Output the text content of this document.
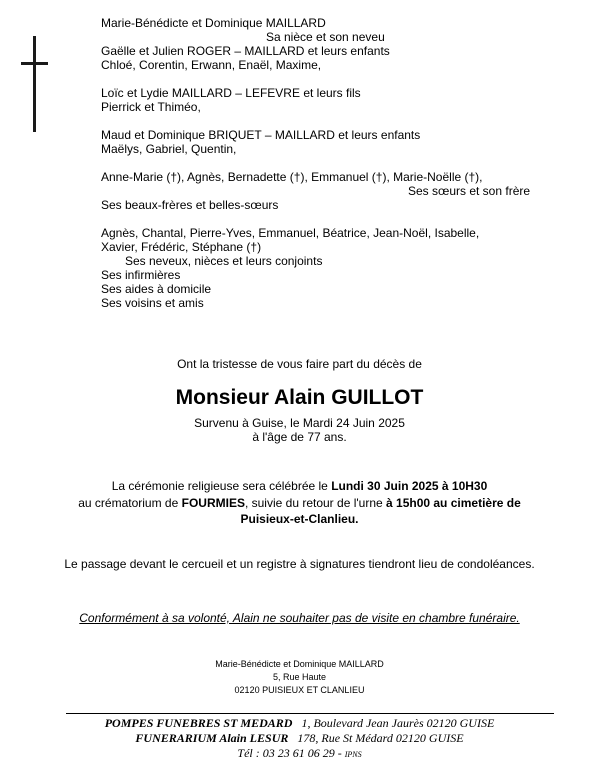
Marie-Bénédicte et Dominique MAILLARD
Sa nièce et son neveu
Gaëlle et Julien ROGER – MAILLARD et leurs enfants
Chloé, Corentin, Erwann, Enaël, Maxime,
Loïc et Lydie MAILLARD – LEFEVRE et leurs fils
Pierrick et Thiméo,
Maud et Dominique BRIQUET – MAILLARD et leurs enfants
Maëlys, Gabriel, Quentin,
Anne-Marie (†), Agnès, Bernadette (†), Emmanuel (†), Marie-Noëlle (†),
Ses sœurs et son frère
Ses beaux-frères et belles-sœurs
Agnès, Chantal, Pierre-Yves, Emmanuel, Béatrice, Jean-Noël, Isabelle,
Xavier, Frédéric, Stéphane (†)
Ses neveux, nièces et leurs conjoints
Ses infirmières
Ses aides à domicile
Ses voisins et amis
Ont la tristesse de vous faire part du décès de
Monsieur Alain GUILLOT
Survenu à Guise, le Mardi 24 Juin 2025
à l'âge de 77 ans.
La cérémonie religieuse sera célébrée le Lundi 30 Juin 2025 à 10H30
au crématorium de FOURMIES, suivie du retour de l'urne à 15h00 au cimetière de
Puisieux-et-Clanlieu.
Le passage devant le cercueil et un registre à signatures tiendront lieu de condoléances.
Conformément à sa volonté, Alain ne souhaiter pas de visite en chambre funéraire.
Marie-Bénédicte et Dominique MAILLARD
5, Rue Haute
02120 PUISIEUX ET CLANLIEU
POMPES FUNEBRES ST MEDARD   1, Boulevard Jean Jaurès 02120 GUISE
FUNERARIUM Alain LESUR   178, Rue St Médard 02120 GUISE
Tél : 03 23 61 06 29 - IPNS
